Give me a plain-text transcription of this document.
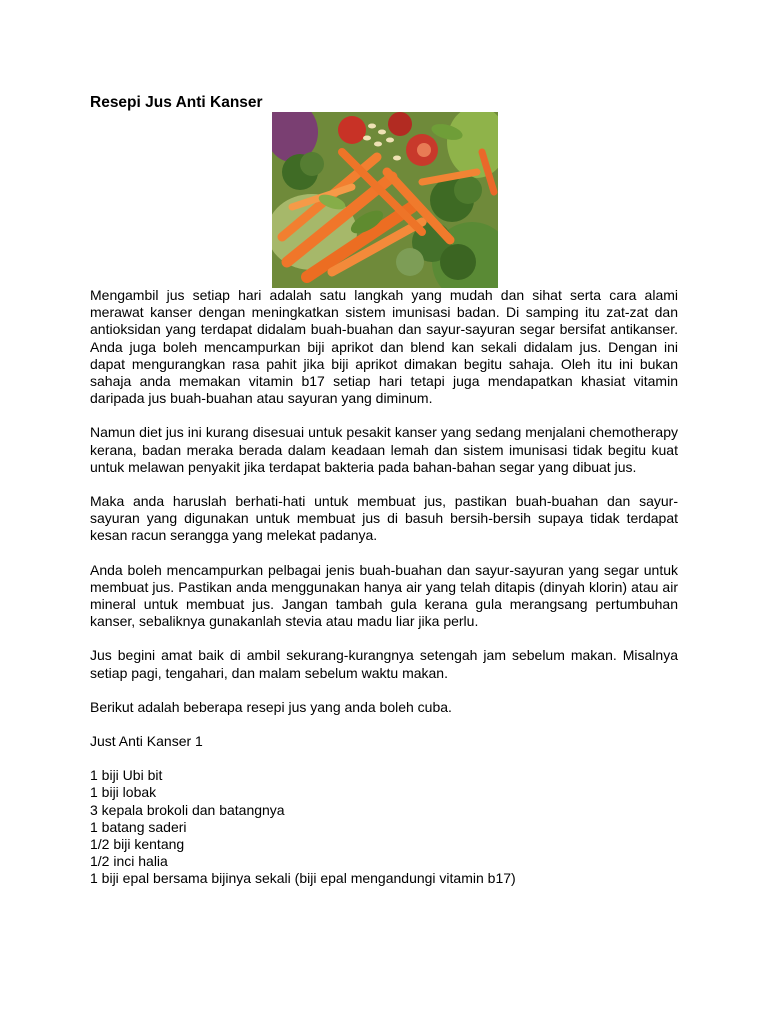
Resepi Jus Anti Kanser

Mengambil jus setiap hari adalah satu langkah yang mudah dan sihat serta cara alami merawat kanser dengan meningkatkan sistem imunisasi badan. Di samping itu zat-zat dan antioksidan yang terdapat didalam buah-buahan dan sayur-sayuran segar bersifat antikanser. Anda juga boleh mencampurkan biji aprikot dan blend kan sekali didalam jus. Dengan ini dapat mengurangkan rasa pahit jika biji aprikot dimakan begitu sahaja. Oleh itu ini bukan sahaja anda memakan vitamin b17 setiap hari tetapi juga mendapatkan khasiat vitamin daripada jus buah-buahan atau sayuran yang diminum.

Namun diet jus ini kurang disesuai untuk pesakit kanser yang sedang menjalani chemotherapy kerana, badan meraka berada dalam keadaan lemah dan sistem imunisasi tidak begitu kuat untuk melawan penyakit jika terdapat bakteria pada bahan-bahan segar yang dibuat jus.

Maka anda haruslah berhati-hati untuk membuat jus, pastikan buah-buahan dan sayur-sayuran yang digunakan untuk membuat jus di basuh bersih-bersih supaya tidak terdapat kesan racun serangga yang melekat padanya.

Anda boleh mencampurkan pelbagai jenis buah-buahan dan sayur-sayuran yang segar untuk membuat jus. Pastikan anda menggunakan hanya air yang telah ditapis (dinyah klorin) atau air mineral untuk membuat jus. Jangan tambah gula kerana gula merangsang pertumbuhan kanser, sebaliknya gunakanlah stevia atau madu liar jika perlu.

Jus begini amat baik di ambil sekurang-kurangnya setengah jam sebelum makan. Misalnya setiap pagi, tengahari, dan malam sebelum waktu makan.

Berikut adalah beberapa resepi jus yang anda boleh cuba.

Just Anti Kanser 1

1 biji Ubi bit
1 biji lobak
3 kepala brokoli dan batangnya
1 batang saderi
1/2 biji kentang
1/2 inci halia
1 biji epal bersama bijinya sekali (biji epal mengandungi vitamin b17)
